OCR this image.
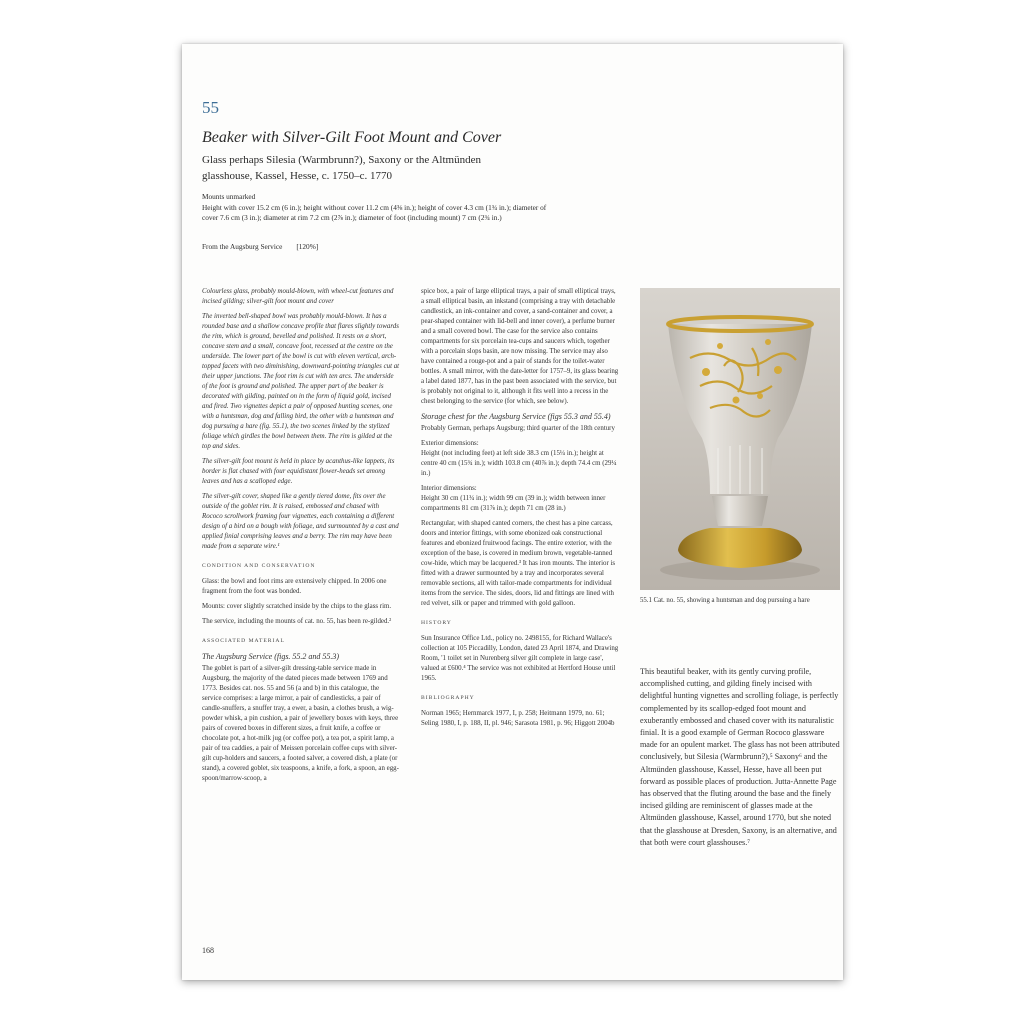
55
Beaker with Silver-Gilt Foot Mount and Cover
Glass perhaps Silesia (Warmbrunn?), Saxony or the Altmünden glasshouse, Kassel, Hesse, c. 1750–c. 1770

Mounts unmarked

Height with cover 15.2 cm (6 in.); height without cover 11.2 cm (4⅜ in.); height of cover 4.3 cm (1¾ in.); diameter of cover 7.6 cm (3 in.); diameter at rim 7.2 cm (2⅞ in.); diameter of foot (including mount) 7 cm (2¾ in.)

From the Augsburg Service [120%]

Colourless glass, probably mould-blown, with wheel-cut features and incised gilding; silver-gilt foot mount and cover

The inverted bell-shaped bowl was probably mould-blown. It has a rounded base and a shallow concave profile that flares slightly towards the rim, which is ground, bevelled and polished. It rests on a short, concave stem and a small, concave foot, recessed at the centre on the underside. The lower part of the bowl is cut with eleven vertical, arch-topped facets with two diminishing, downward-pointing triangles cut at their upper junctions. The foot rim is cut with ten arcs. The underside of the foot is ground and polished. The upper part of the beaker is decorated with gilding, painted on in the form of liquid gold, incised and fired. Two vignettes depict a pair of opposed hunting scenes, one with a huntsman, dog and falling bird, the other with a huntsman and dog pursuing a hare (fig. 55.1), the two scenes linked by the stylized foliage which girdles the bowl between them. The rim is gilded at the top and sides.

The silver-gilt foot mount is held in place by acanthus-like lappets, its border is flat chased with four equidistant flower-heads set among leaves and has a scalloped edge.

The silver-gilt cover, shaped like a gently tiered dome, fits over the outside of the goblet rim. It is raised, embossed and chased with Rococo scrollwork framing four vignettes, each containing a different design of a bird on a bough with foliage, and surmounted by a cast and applied finial comprising leaves and a berry. The rim may have been made from a separate wire.¹

CONDITION AND CONSERVATION

Glass: the bowl and foot rims are extensively chipped. In 2006 one fragment from the foot was bonded.

Mounts: cover slightly scratched inside by the chips to the glass rim.

The service, including the mounts of cat. no. 55, has been re-gilded.²

ASSOCIATED MATERIAL
The Augsburg Service (figs. 55.2 and 55.3)

The goblet is part of a silver-gilt dressing-table service made in Augsburg, the majority of the dated pieces made between 1769 and 1773. Besides cat. nos. 55 and 56 (a and b) in this catalogue, the service comprises: a large mirror, a pair of candlesticks, a pair of candle-snuffers, a snuffer tray, a ewer, a basin, a clothes brush, a wig-powder whisk, a pin cushion, a pair of jewellery boxes with keys, three pairs of covered boxes in different sizes, a fruit knife, a coffee or chocolate pot, a hot-milk jug (or coffee pot), a tea pot, a spirit lamp, a pair of tea caddies, a pair of Meissen porcelain coffee cups with silver-gilt cup-holders and saucers, a footed salver, a covered dish, a plate (or stand), a covered goblet, six teaspoons, a knife, a fork, a spoon, an egg-spoon/marrow-scoop, a

spice box, a pair of large elliptical trays, a pair of small elliptical trays, a small elliptical basin, an inkstand (comprising a tray with detachable candlestick, an ink-container and cover, a sand-container and cover, a pear-shaped container with lid-bell and inner cover), a perfume burner and a small covered bowl. The case for the service also contains compartments for six porcelain tea-cups and saucers which, together with a porcelain slops basin, are now missing. The service may also have contained a rouge-pot and a pair of stands for the toilet-water bottles. A small mirror, with the date-letter for 1757–9, its glass bearing a label dated 1877, has in the past been associated with the service, but is probably not original to it, although it fits well into a recess in the chest belonging to the service (for which, see below).

Storage chest for the Augsburg Service (figs 55.3 and 55.4)

Probably German, perhaps Augsburg; third quarter of the 18th century

Exterior dimensions:

Height (not including feet) at left side 38.3 cm (15¼ in.); height at centre 40 cm (15¾ in.); width 103.8 cm (40⅞ in.); depth 74.4 cm (29¼ in.)

Interior dimensions:

Height 30 cm (11¾ in.); width 99 cm (39 in.); width between inner compartments 81 cm (31⅞ in.); depth 71 cm (28 in.)

Rectangular, with shaped canted corners, the chest has a pine carcass, doors and interior fittings, with some ebonized oak constructional features and ebonized fruitwood facings. The entire exterior, with the exception of the base, is covered in medium brown, vegetable-tanned cow-hide, which may be lacquered.³ It has iron mounts. The interior is fitted with a drawer surmounted by a tray and incorporates several removable sections, all with tailor-made compartments for individual items from the service. The sides, doors, lid and fittings are lined with red velvet, silk or paper and trimmed with gold galloon.

HISTORY

Sun Insurance Office Ltd., policy no. 2498155, for Richard Wallace's collection at 105 Piccadilly, London, dated 23 April 1874, and Drawing Room, '1 toilet set in Nurenberg silver gilt complete in large case', valued at £600.⁴ The service was not exhibited at Hertford House until 1965.

BIBLIOGRAPHY

Norman 1965; Hernmarck 1977, I, p. 258; Heitmann 1979, no. 61; Seling 1980, I, p. 188, II, pl. 946; Sarasota 1981, p. 96; Higgott 2004b

55.1 Cat. no. 55, showing a huntsman and dog pursuing a hare

This beautiful beaker, with its gently curving profile, accomplished cutting, and gilding finely incised with delightful hunting vignettes and scrolling foliage, is perfectly complemented by its scallop-edged foot mount and exuberantly embossed and chased cover with its naturalistic finial. It is a good example of German Rococo glassware made for an opulent market. The glass has not been attributed conclusively, but Silesia (Warmbrunn?),⁵ Saxony⁶ and the Altmünden glasshouse, Kassel, Hesse, have all been put forward as possible places of production. Jutta-Annette Page has observed that the fluting around the base and the finely incised gilding are reminiscent of glasses made at the Altmünden glasshouse, Kassel, around 1770, but she noted that the glasshouse at Dresden, Saxony, is an alternative, and that both were court glasshouses.⁷

168
